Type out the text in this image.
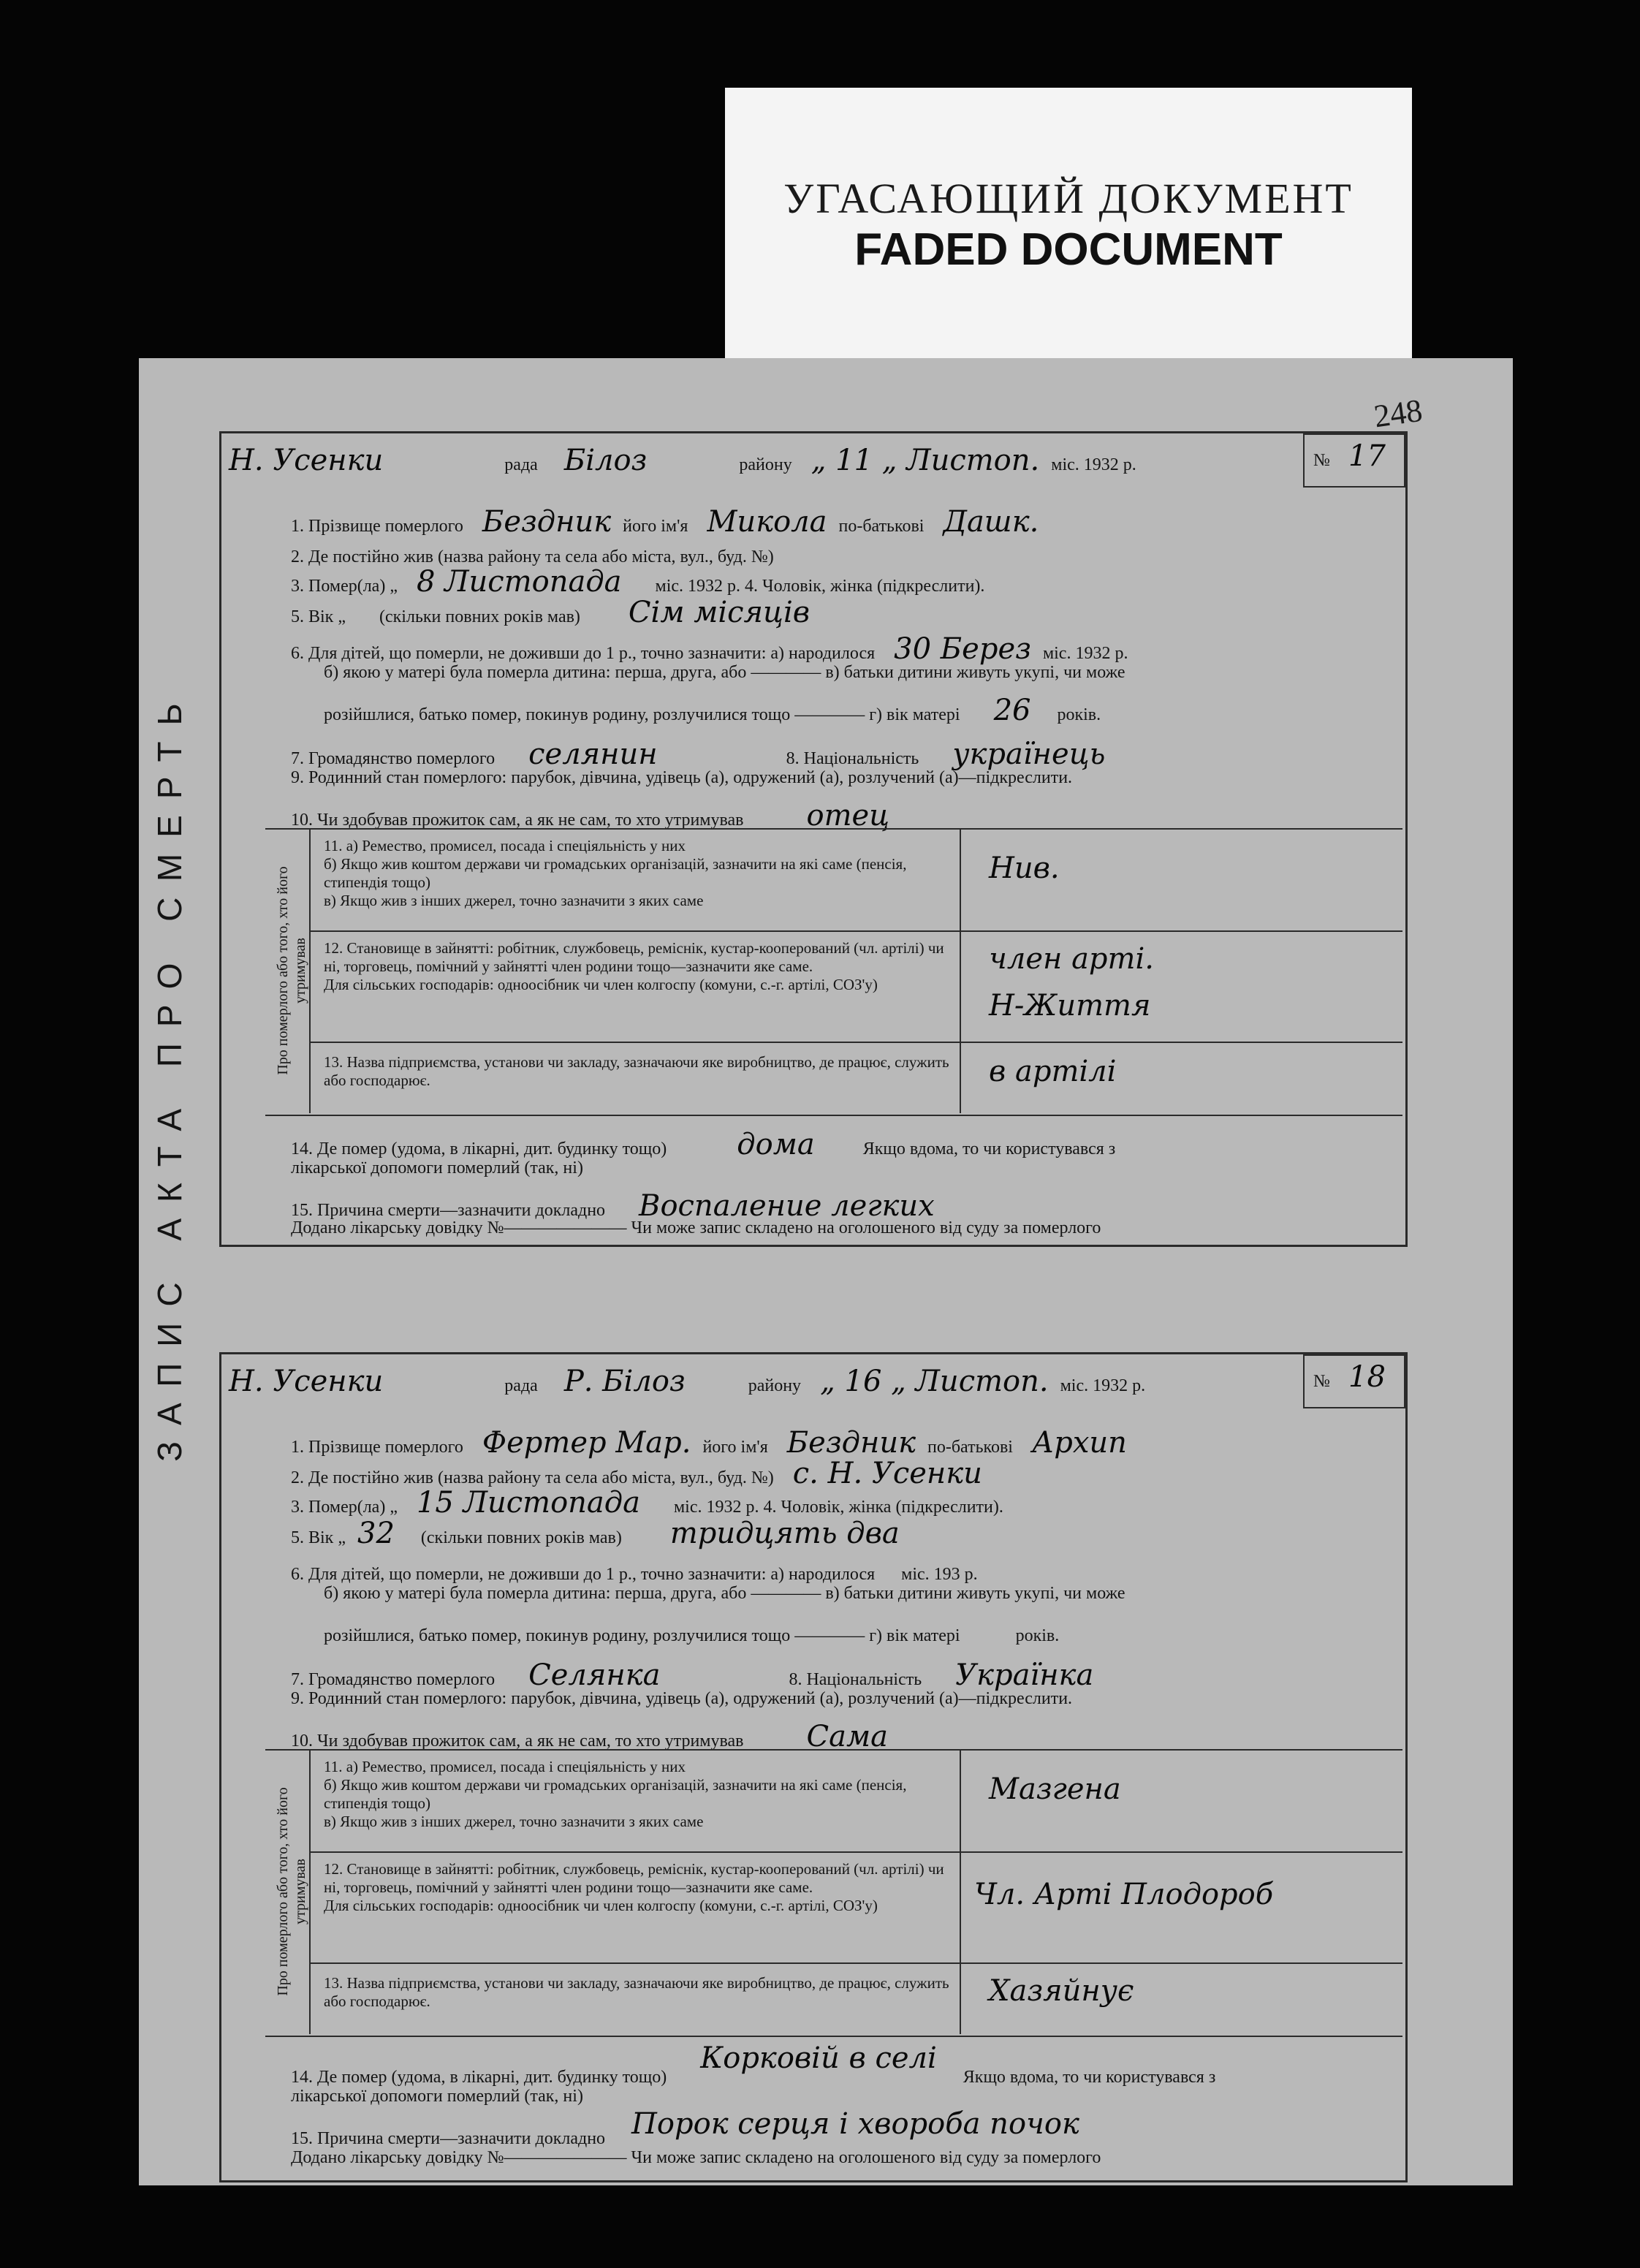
УГАСАЮЩИЙ ДОКУМЕНТ
FADED DOCUMENT
ЗАПИС АКТА ПРО СМЕРТЬ
248
Н. Усенки	рада Білоз	району „ 11 „ Листоп. міс. 1932 р.	№ 17
1. Прізвище померлого Бездник його ім'я Микола по-батькові Дашк.
2. Де постійно жив (назва району та села або міста, вул., буд. №)
3. Помер(ла) „ 8 Листопада міс. 1932 р. 4. Чоловік, жінка (підкреслити).
5. Вік „ (скільки повних років мав) Сім місяців
6. Для дітей, що померли, не доживши до 1 р., точно зазначити: а) народилося 30 Берез міс. 1932 р.
б) якою у матері була померла дитина: перша, друга, або ———— в) батьки дитини живуть укупі, чи може
розійшлися, батько помер, покинув родину, розлучилися тощо ———— г) вік матері 26 років.
7. Громадянство померлого селянин	8. Національність українець
9. Родинний стан померлого: парубок, дівчина, удівець (а), одружений (а), розлучений (а)—підкреслити.
10. Чи здобував прожиток сам, а як не сам, то хто утримував отец
Про померлого або того, хто його утримував
11. а) Ремество, промисел, посада і спеціяльність у них
б) Якщо жив коштом держави чи громадських організацій, зазначити на які саме (пенсія, стипендія тощо)
в) Якщо жив з інших джерел, точно зазначити з яких саме
Нив.
12. Становище в зайнятті: робітник, службовець, реміснік, кустар-кооперований (чл. артілі) чи ні, торговець, помічний у зайнятті член родини тощо—зазначити яке саме.
Для сільських господарів: одноосібник чи член колгоспу (комуни, с.-г. артілі, СОЗ'у)
член арті.
Н-Життя
13. Назва підприємства, установи чи закладу, зазначаючи яке виробництво, де працює, служить або господарює.	в артілі
14. Де помер (удома, в лікарні, дит. будинку тощо) дома	Якщо вдома, то чи користувався з
лікарської допомоги померлий (так, ні)
15. Причина смерти—зазначити докладно Воспаление легких
Додано лікарську довідку №——————— Чи може запис складено на оголошеного від суду за померлого
Н. Усенки	рада Р. Білоз	району „ 16 „ Листоп. міс. 1932 р.	№ 18
1. Прізвище померлого Фертер Мар. його ім'я Бездник по-батькові Архип
2. Де постійно жив (назва району та села або міста, вул., буд. №) с. Н. Усенки
3. Помер(ла) „ 15 Листопада міс. 1932 р. 4. Чоловік, жінка (підкреслити).
5. Вік „ 32 (скільки повних років мав) тридцять два
6. Для дітей, що померли, не доживши до 1 р., точно зазначити: а) народилося міс. 193 р.
б) якою у матері була померла дитина: перша, друга, або ———— в) батьки дитини живуть укупі, чи може
розійшлися, батько помер, покинув родину, розлучилися тощо ———— г) вік матері	років.
7. Громадянство померлого Селянка	8. Національність Українка
9. Родинний стан померлого: парубок, дівчина, удівець (а), одружений (а), розлучений (а)—підкреслити.
10. Чи здобував прожиток сам, а як не сам, то хто утримував Сама
Про померлого або того, хто його утримував
11. а) Ремество, промисел, посада і спеціяльність у них
б) Якщо жив коштом держави чи громадських організацій, зазначити на які саме (пенсія, стипендія тощо)
в) Якщо жив з інших джерел, точно зазначити з яких саме
Мазгена
12. Становище в зайнятті: робітник, службовець, реміснік, кустар-кооперований (чл. артілі) чи ні, торговець, помічний у зайнятті член родини тощо—зазначити яке саме.
Для сільських господарів: одноосібник чи член колгоспу (комуни, с.-г. артілі, СОЗ'у)	Чл. Арті Плодороб
13. Назва підприємства, установи чи закладу, зазначаючи яке виробництво, де працює, служить або господарює.	Хазяйнує
14. Де помер (удома, в лікарні, дит. будинку тощо) Корковій в селі Якщо вдома, то чи користувався з
лікарської допомоги померлий (так, ні)
15. Причина смерти—зазначити докладно Порок серця і хвороба почок
Додано лікарську довідку №——————— Чи може запис складено на оголошеного від суду за померлого
